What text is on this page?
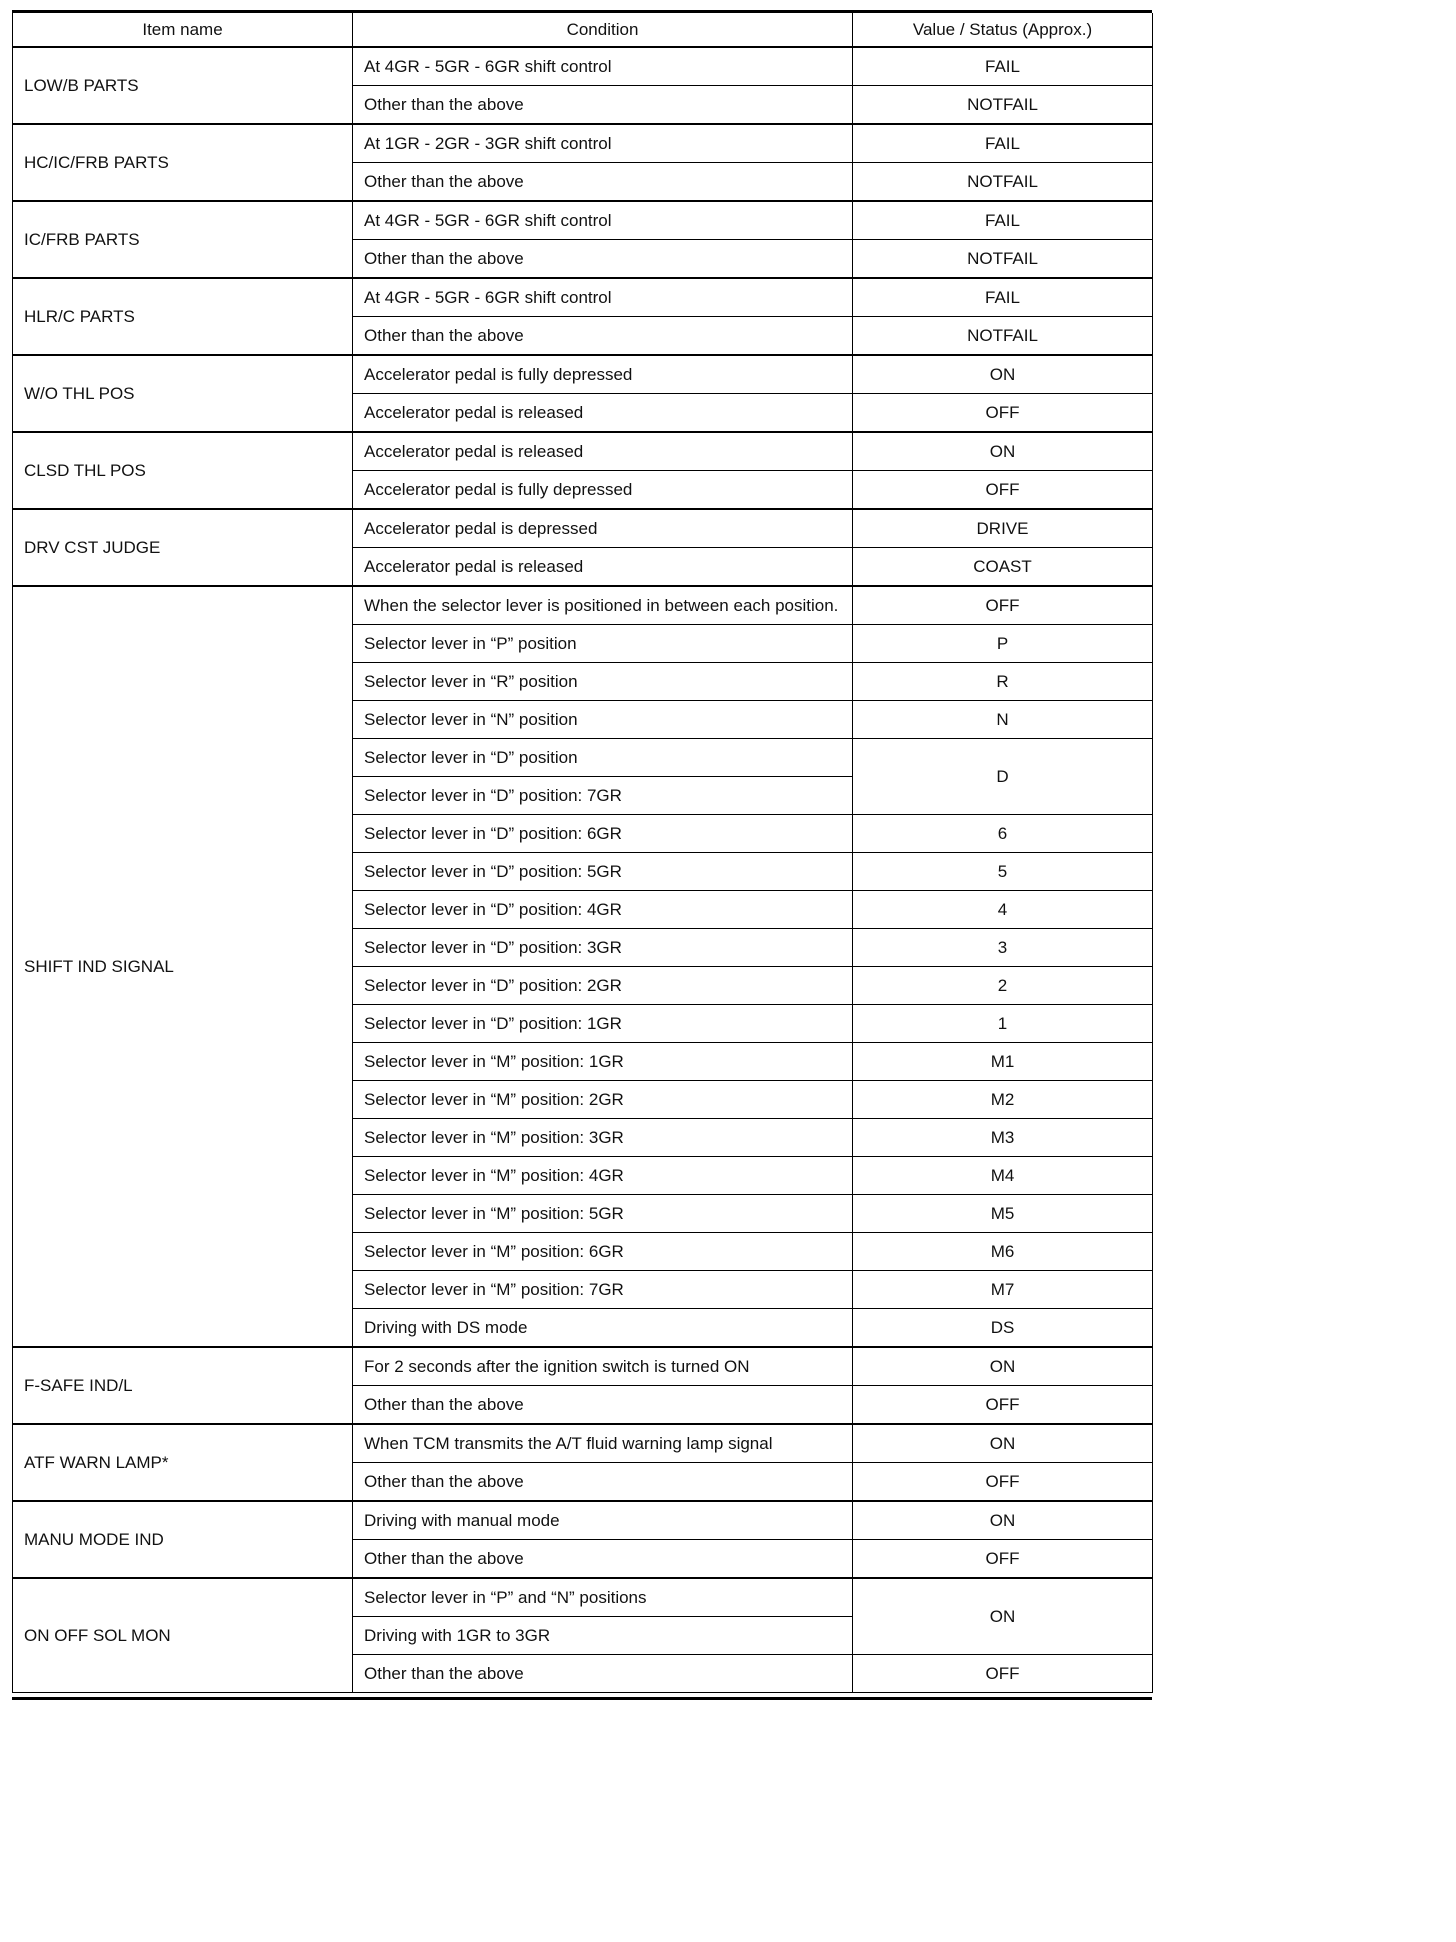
Item name	Condition	Value / Status (Approx.)
LOW/B PARTS	At 4GR - 5GR - 6GR shift control	FAIL
	Other than the above	NOTFAIL
HC/IC/FRB PARTS	At 1GR - 2GR - 3GR shift control	FAIL
	Other than the above	NOTFAIL
IC/FRB PARTS	At 4GR - 5GR - 6GR shift control	FAIL
	Other than the above	NOTFAIL
HLR/C PARTS	At 4GR - 5GR - 6GR shift control	FAIL
	Other than the above	NOTFAIL
W/O THL POS	Accelerator pedal is fully depressed	ON
	Accelerator pedal is released	OFF
CLSD THL POS	Accelerator pedal is released	ON
	Accelerator pedal is fully depressed	OFF
DRV CST JUDGE	Accelerator pedal is depressed	DRIVE
	Accelerator pedal is released	COAST
SHIFT IND SIGNAL	When the selector lever is positioned in between each position.	OFF
	Selector lever in “P” position	P
	Selector lever in “R” position	R
	Selector lever in “N” position	N
	Selector lever in “D” position	D
	Selector lever in “D” position: 7GR	
	Selector lever in “D” position: 6GR	6
	Selector lever in “D” position: 5GR	5
	Selector lever in “D” position: 4GR	4
	Selector lever in “D” position: 3GR	3
	Selector lever in “D” position: 2GR	2
	Selector lever in “D” position: 1GR	1
	Selector lever in “M” position: 1GR	M1
	Selector lever in “M” position: 2GR	M2
	Selector lever in “M” position: 3GR	M3
	Selector lever in “M” position: 4GR	M4
	Selector lever in “M” position: 5GR	M5
	Selector lever in “M” position: 6GR	M6
	Selector lever in “M” position: 7GR	M7
	Driving with DS mode	DS
F-SAFE IND/L	For 2 seconds after the ignition switch is turned ON	ON
	Other than the above	OFF
ATF WARN LAMP*	When TCM transmits the A/T fluid warning lamp signal	ON
	Other than the above	OFF
MANU MODE IND	Driving with manual mode	ON
	Other than the above	OFF
ON OFF SOL MON	Selector lever in “P” and “N” positions	ON
	Driving with 1GR to 3GR	
	Other than the above	OFF
